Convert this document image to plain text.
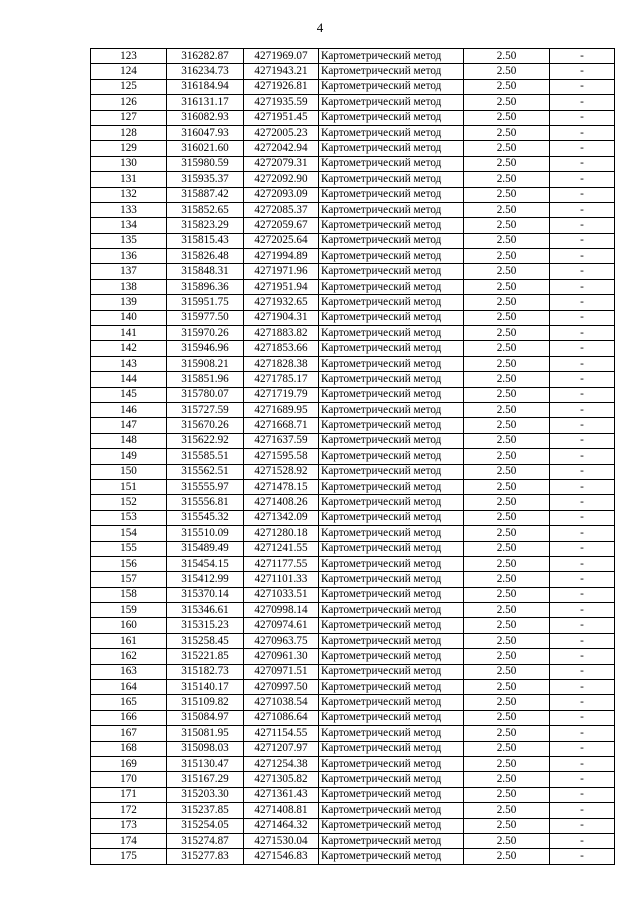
4
123	316282.87	4271969.07	Картометрический метод	2.50	-
124	316234.73	4271943.21	Картометрический метод	2.50	-
125	316184.94	4271926.81	Картометрический метод	2.50	-
126	316131.17	4271935.59	Картометрический метод	2.50	-
127	316082.93	4271951.45	Картометрический метод	2.50	-
128	316047.93	4272005.23	Картометрический метод	2.50	-
129	316021.60	4272042.94	Картометрический метод	2.50	-
130	315980.59	4272079.31	Картометрический метод	2.50	-
131	315935.37	4272092.90	Картометрический метод	2.50	-
132	315887.42	4272093.09	Картометрический метод	2.50	-
133	315852.65	4272085.37	Картометрический метод	2.50	-
134	315823.29	4272059.67	Картометрический метод	2.50	-
135	315815.43	4272025.64	Картометрический метод	2.50	-
136	315826.48	4271994.89	Картометрический метод	2.50	-
137	315848.31	4271971.96	Картометрический метод	2.50	-
138	315896.36	4271951.94	Картометрический метод	2.50	-
139	315951.75	4271932.65	Картометрический метод	2.50	-
140	315977.50	4271904.31	Картометрический метод	2.50	-
141	315970.26	4271883.82	Картометрический метод	2.50	-
142	315946.96	4271853.66	Картометрический метод	2.50	-
143	315908.21	4271828.38	Картометрический метод	2.50	-
144	315851.96	4271785.17	Картометрический метод	2.50	-
145	315780.07	4271719.79	Картометрический метод	2.50	-
146	315727.59	4271689.95	Картометрический метод	2.50	-
147	315670.26	4271668.71	Картометрический метод	2.50	-
148	315622.92	4271637.59	Картометрический метод	2.50	-
149	315585.51	4271595.58	Картометрический метод	2.50	-
150	315562.51	4271528.92	Картометрический метод	2.50	-
151	315555.97	4271478.15	Картометрический метод	2.50	-
152	315556.81	4271408.26	Картометрический метод	2.50	-
153	315545.32	4271342.09	Картометрический метод	2.50	-
154	315510.09	4271280.18	Картометрический метод	2.50	-
155	315489.49	4271241.55	Картометрический метод	2.50	-
156	315454.15	4271177.55	Картометрический метод	2.50	-
157	315412.99	4271101.33	Картометрический метод	2.50	-
158	315370.14	4271033.51	Картометрический метод	2.50	-
159	315346.61	4270998.14	Картометрический метод	2.50	-
160	315315.23	4270974.61	Картометрический метод	2.50	-
161	315258.45	4270963.75	Картометрический метод	2.50	-
162	315221.85	4270961.30	Картометрический метод	2.50	-
163	315182.73	4270971.51	Картометрический метод	2.50	-
164	315140.17	4270997.50	Картометрический метод	2.50	-
165	315109.82	4271038.54	Картометрический метод	2.50	-
166	315084.97	4271086.64	Картометрический метод	2.50	-
167	315081.95	4271154.55	Картометрический метод	2.50	-
168	315098.03	4271207.97	Картометрический метод	2.50	-
169	315130.47	4271254.38	Картометрический метод	2.50	-
170	315167.29	4271305.82	Картометрический метод	2.50	-
171	315203.30	4271361.43	Картометрический метод	2.50	-
172	315237.85	4271408.81	Картометрический метод	2.50	-
173	315254.05	4271464.32	Картометрический метод	2.50	-
174	315274.87	4271530.04	Картометрический метод	2.50	-
175	315277.83	4271546.83	Картометрический метод	2.50	-
